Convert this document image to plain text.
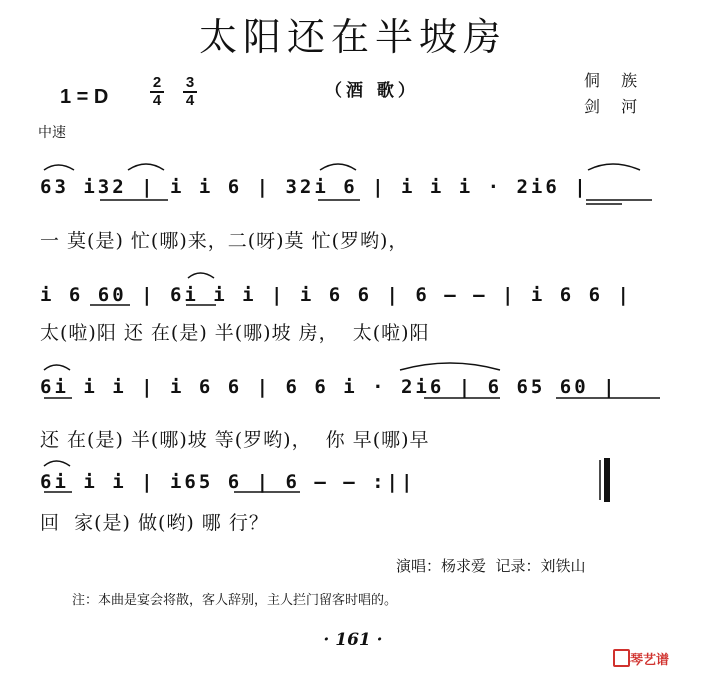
太阳还在半坡房
1 = D
2
4
3
4	（酒 歌）
侗 族
剑 河
中速
63 i32 | i i 6 | 32i 6 | i i i · 2i6 |
一 莫(是) 忙(哪)来，二(呀)莫 忙(罗哟)，
i 6 60 | 6i i i | i 6 6 | 6 — — | i 6 6 |
太(啦)阳 还 在(是) 半(哪)坡 房，  太(啦)阳
6i i i | i 6 6 | 6 6 i · 2i6 | 6 65 60 |
还 在(是) 半(哪)坡 等(罗哟)，  你 早(哪)早
6i i i | i65 6 | 6 — — :||
回  家(是) 做(哟) 哪 行？
演唱：杨求爱  记录：刘铁山
注：本曲是宴会将散，客人辞别，主人拦门留客时唱的。
· 161 ·
琴艺谱
